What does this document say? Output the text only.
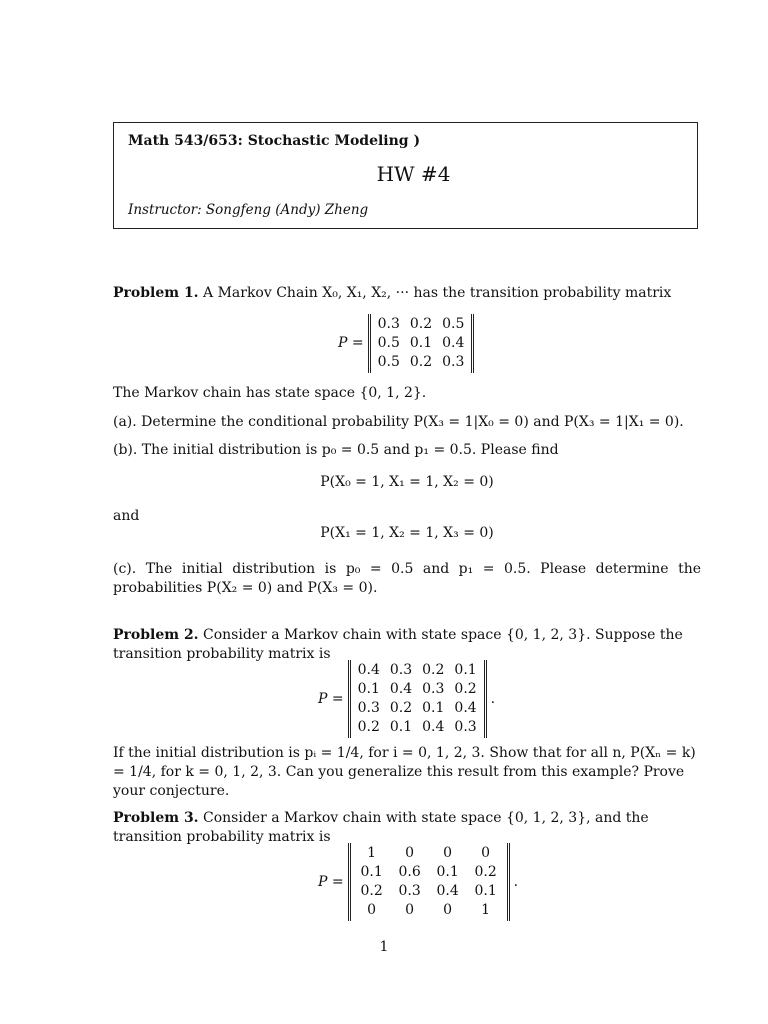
Math 543/653: Stochastic Modeling )
HW #4
Instructor: Songfeng (Andy) Zheng
Problem 1. A Markov Chain X₀, X₁, X₂, ··· has the transition probability matrix
P =
0.3 0.2 0.5
0.5 0.1 0.4
0.5 0.2 0.3
The Markov chain has state space {0, 1, 2}.
(a). Determine the conditional probability P(X₃ = 1|X₀ = 0) and P(X₃ = 1|X₁ = 0).
(b). The initial distribution is p₀ = 0.5 and p₁ = 0.5. Please find
P(X₀ = 1, X₁ = 1, X₂ = 0)
and
P(X₁ = 1, X₂ = 1, X₃ = 0)
(c). The initial distribution is p₀ = 0.5 and p₁ = 0.5. Please determine the probabilities P(X₂ = 0) and P(X₃ = 0).
Problem 2. Consider a Markov chain with state space {0, 1, 2, 3}. Suppose the transition probability matrix is
P =
0.4 0.3 0.2 0.1
0.1 0.4 0.3 0.2
0.3 0.2 0.1 0.4
0.2 0.1 0.4 0.3
.
If the initial distribution is pᵢ = 1/4, for i = 0, 1, 2, 3. Show that for all n, P(Xₙ = k) = 1/4, for k = 0, 1, 2, 3. Can you generalize this result from this example? Prove your conjecture.
Problem 3. Consider a Markov chain with state space {0, 1, 2, 3}, and the transition probability matrix is
P =
1	0	0	0
0.1 0.6 0.1 0.2
0.2 0.3 0.4 0.1
0	0	0	1
.
1
